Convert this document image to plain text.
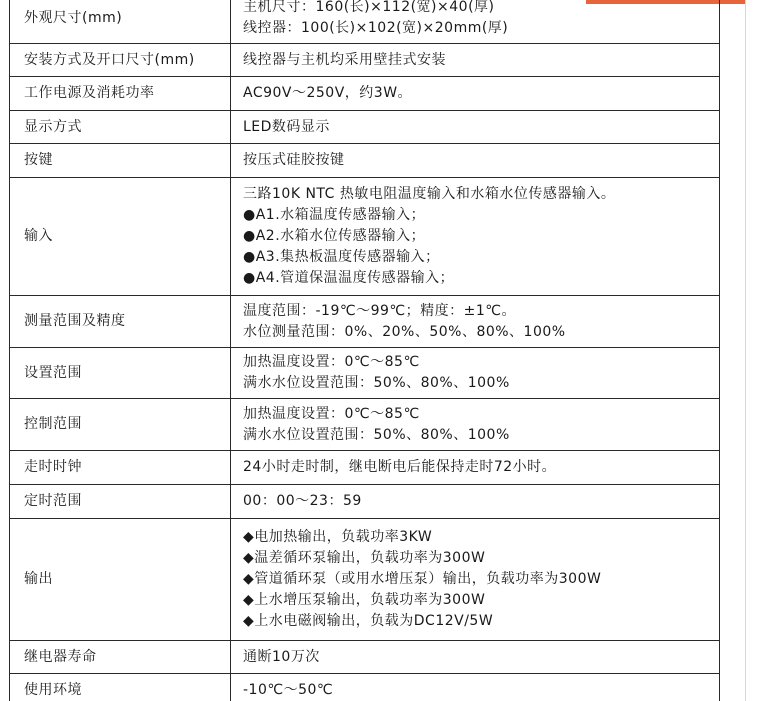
外观尺寸(mm)	主机尺寸：160(长)×112(宽)×40(厚)
线控器：100(长)×102(宽)×20mm(厚)

安装方式及开口尺寸(mm)	线控器与主机均采用壁挂式安装

工作电源及消耗功率	AC90V～250V，约3W。

显示方式	LED数码显示

按键	按压式硅胶按键

输入	三路10K NTC 热敏电阻温度输入和水箱水位传感器输入。
●A1.水箱温度传感器输入；
●A2.水箱水位传感器输入；
●A3.集热板温度传感器输入；
●A4.管道保温温度传感器输入；

测量范围及精度	温度范围：-19℃～99℃；精度：±1℃。
水位测量范围：0%、20%、50%、80%、100%

设置范围	加热温度设置：0℃～85℃
满水水位设置范围：50%、80%、100%

控制范围	加热温度设置：0℃～85℃
满水水位设置范围：50%、80%、100%

走时时钟	24小时走时制，继电断电后能保持走时72小时。

定时范围	00：00～23：59

输出	◆电加热输出，负载功率3KW
◆温差循环泵输出，负载功率为300W
◆管道循环泵（或用水增压泵）输出，负载功率为300W
◆上水增压泵输出，负载功率为300W
◆上水电磁阀输出，负载为DC12V/5W

继电器寿命	通断10万次

使用环境	-10℃～50℃
